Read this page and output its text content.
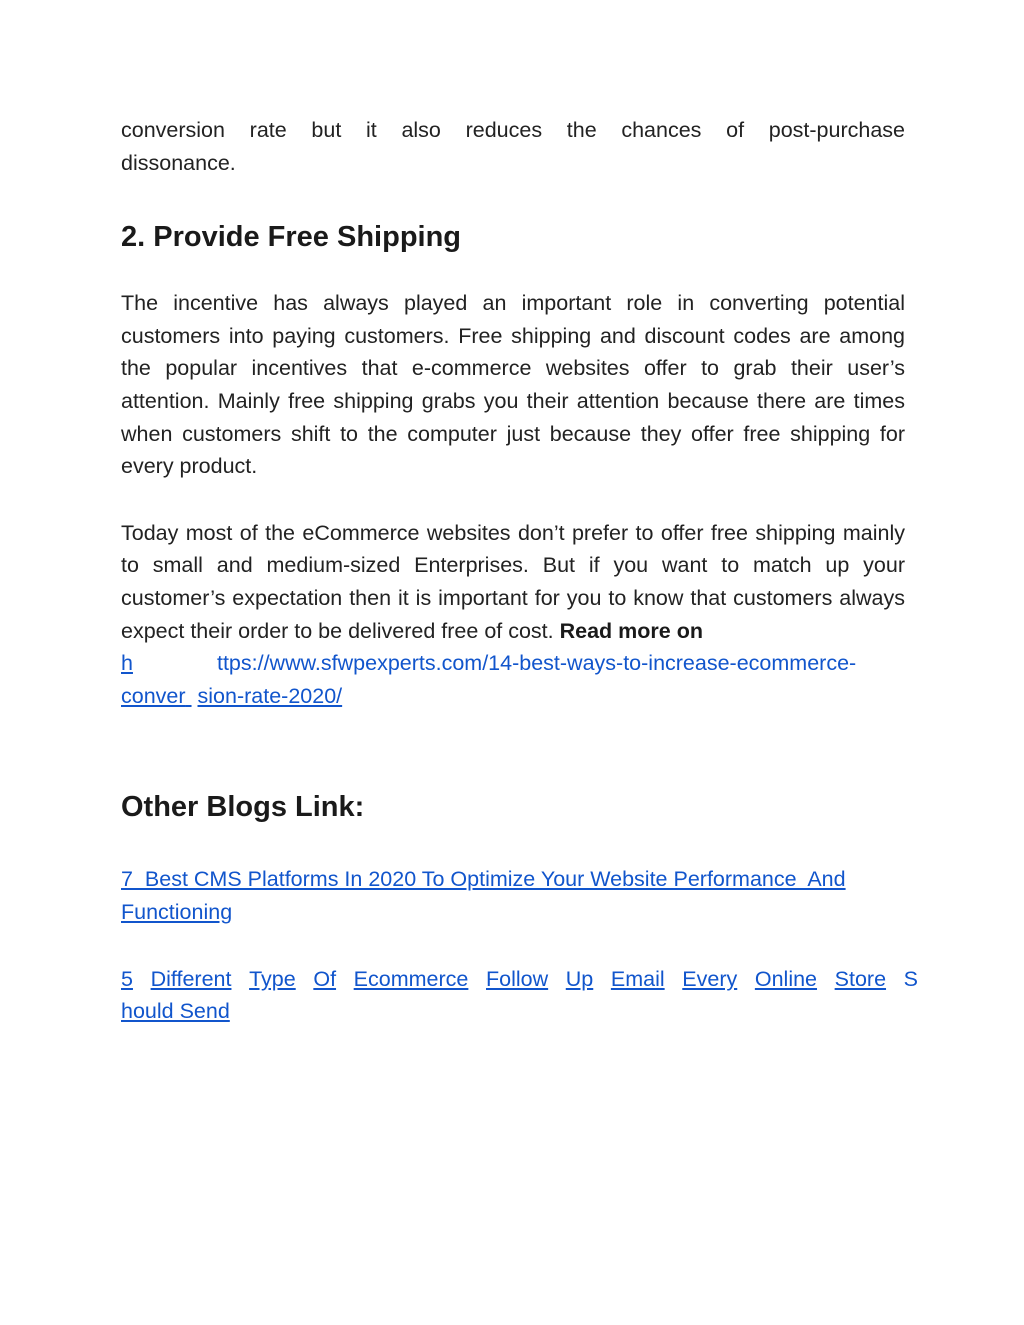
conversion rate but it also reduces the chances of post-purchase

dissonance.

2. Provide Free Shipping

The incentive has always played an important role in converting potential customers into paying customers. Free shipping and discount codes are among the popular incentives that e-commerce websites offer to grab their user’s attention. Mainly free shipping grabs you their attention because there are times when customers shift to the computer just because they offer free shipping for every product.

Today most of the eCommerce websites don’t prefer to offer free shipping mainly to small and medium-sized Enterprises. But if you want to match up your customer’s expectation then it is important for you to know that customers always expect their order to be delivered free of cost. Read more on

h	ttps://www.sfwpexperts.com/14-best-ways-to-increase-ecommerce-

conver sion-rate-2020/

Other Blogs Link:
7  Best CMS Platforms In 2020 To Optimize Your Website Performance  And
Functioning
5 Different Type Of Ecommerce Follow Up Email Every Online Store S
hould Send
